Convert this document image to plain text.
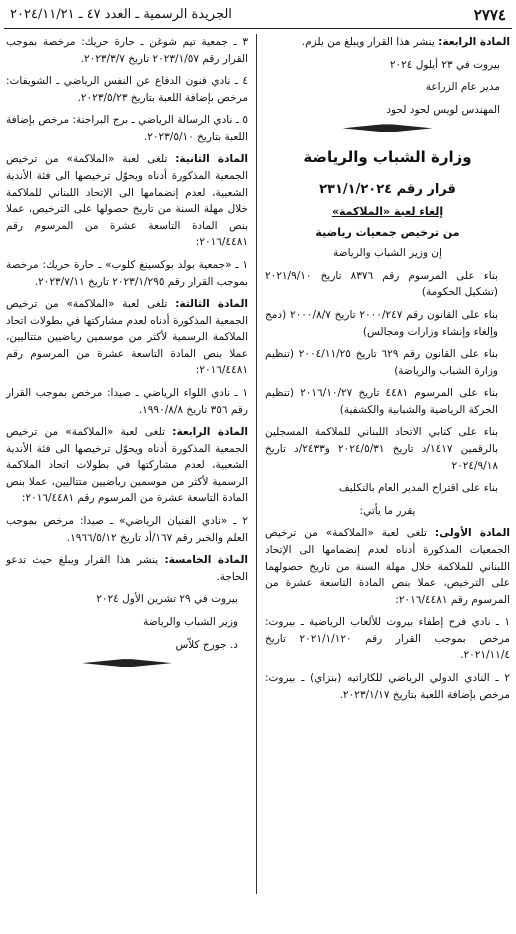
٢٧٧٤
الجريدة الرسمية ـ العدد ٤٧ ـ ٢٠٢٤/١١/٢١

المادة الرابعة: ينشر هذا القرار ويبلغ من يلزم.

بيروت في ٢٣ أيلول ٢٠٢٤

مدير عام الزراعة

المهندس لويس لحود لحود

وزارة الشباب والرياضة
قرار رقم ٢٣١/١/٢٠٢٤
إلغاء لعبة «الملاكمة»
من ترخيص جمعيات رياضية

إن وزير الشباب والرياضة

بناء على المرسوم رقم ٨٣٧٦ تاريخ ٢٠٢١/٩/١٠ (تشكيل الحكومة)

بناء على القانون رقم ٢٠٠٠/٢٤٧ تاريخ ٢٠٠٠/٨/٧ (دمج وإلغاء وإنشاء وزارات ومجالس)

بناء على القانون رقم ٦٢٩ تاريخ ٢٠٠٤/١١/٢٥ (تنظيم وزارة الشباب والرياضة)

بناء على المرسوم ٤٤٨١ تاريخ ٢٠١٦/١٠/٢٧ (تنظيم الحركة الرياضية والشبابية والكشفية)

بناء على كتابي الاتحاد اللبناني للملاكمة المسجلين بالرقمين ١٤١٧/د تاريخ ٢٠٢٤/٥/٣١ و٢٤٣٣/د تاريخ ٢٠٢٤/٩/١٨

بناء على اقتراح المدير العام بالتكليف

يقرر ما يأتي:

المادة الأولى: تلغى لعبة «الملاكمة» من ترخيص الجمعيات المذكورة أدناه لعدم إنضمامها الى الإتحاد اللبناني للملاكمة خلال مهلة السنة من تاريخ حصولهما على الترخيص، عملا بنص المادة التاسعة عشرة من المرسوم رقم ٢٠١٦/٤٤٨١:

١ ـ نادي فرح إطفاء بيروت للألعاب الرياضية ـ بيروت: مرخص بموجب القرار رقم ٢٠٢١/١/١٢٠ تاريخ ٢٠٢١/١١/٤.

٢ ـ النادي الدولي الرياضي للكاراتيه (بنزاي) ـ بيروت: مرخص بإضافة اللعبة بتاريخ ٢٠٢٣/١/١٧.

٣ ـ جمعية تيم شوغن ـ حارة حريك: مرخصة بموجب القرار رقم ٢٠٢٣/١/٥٧ تاريخ ٢٠٢٣/٣/٧.

٤ ـ نادي فنون الدفاع عن النفس الرياضي ـ الشويفات: مرخص بإضافة اللعبة بتاريخ ٢٠٢٣/٥/٢٣.

٥ ـ نادي الرسالة الرياضي ـ برج البراجنة: مرخص بإضافة اللعبة بتاريخ ٢٠٢٣/٥/١٠.

المادة الثانية: تلغى لعبة «الملاكمة» من ترخيص الجمعية المذكورة أدناه ويحوّل ترخيصها الى فئة الأندية الشعبية، لعدم إنضمامها الى الإتحاد اللبناني للملاكمة خلال مهلة السنة من تاريخ حصولها على الترخيص، عملا بنص المادة التاسعة عشرة من المرسوم رقم ٢٠١٦/٤٤٨١:

١ ـ «جمعية بولد بوكسينغ كلوب» ـ حارة حريك: مرخصة بموجب القرار رقم ٢٠٢٣/١/٢٩٥ تاريخ ٢٠٢٣/٧/١١.

المادة الثالثة: تلغى لعبة «الملاكمة» من ترخيص الجمعية المذكورة أدناه لعدم مشاركتها في بطولات اتحاد الملاكمة الرسمية لأكثر من موسمين رياضيين متتاليين، عملا بنص المادة التاسعة عشرة من المرسوم رقم ٢٠١٦/٤٤٨١:

١ ـ نادي اللواء الرياضي ـ صيدا: مرخص بموجب القرار رقم ٣٥٦ تاريخ ١٩٩٠/٨/٨.

المادة الرابعة: تلغى لعبة «الملاكمة» من ترخيص الجمعية المذكورة أدناه ويحوّل ترخيصها الى فئة الأندية الشعبية، لعدم مشاركتها في بطولات اتحاد الملاكمة الرسمية لأكثر من موسمين رياضيين متتاليين، عملا بنص المادة التاسعة عشرة من المرسوم رقم ٢٠١٦/٤٤٨١:

٢ ـ «نادي الفنيان الرياضي» ـ صيدا: مرخص بموجب العلم والخبر رقم ١٦٧/أد تاريخ ١٩٦٦/٥/١٢.

المادة الخامسة: ينشر هذا القرار ويبلغ حيث تدعو الحاجة.

بيروت في ٢٩ تشرين الأول ٢٠٢٤

وزير الشباب والرياضة

د. جورج كلاّس
